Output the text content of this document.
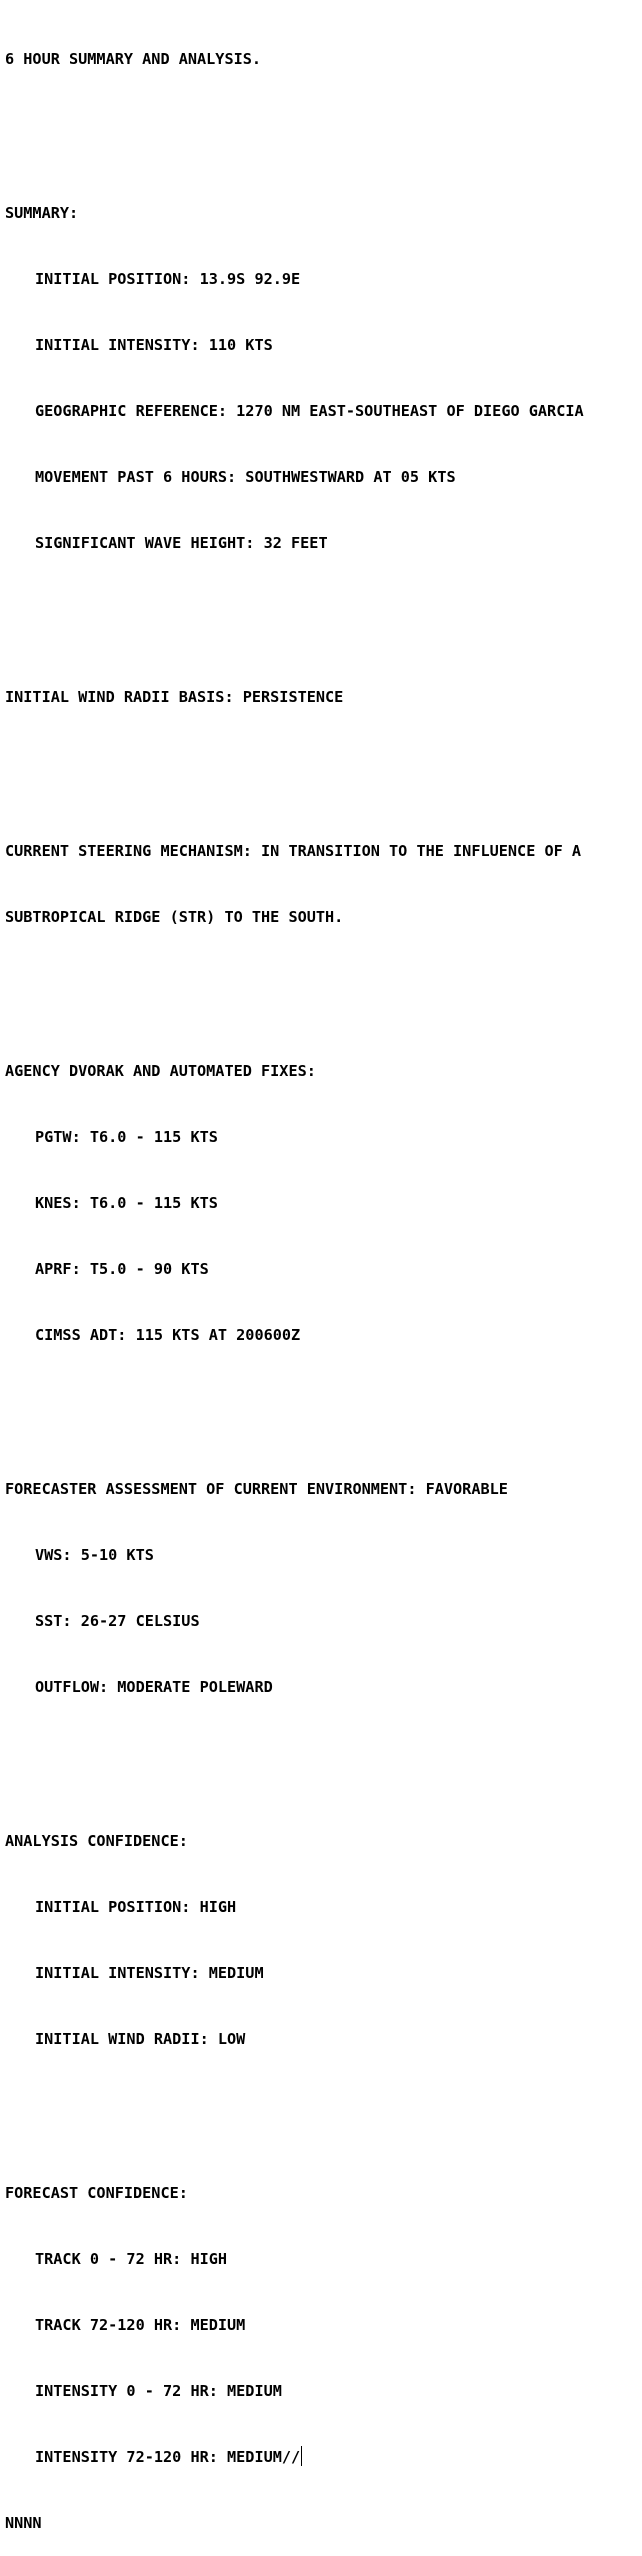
6 HOUR SUMMARY AND ANALYSIS.

SUMMARY:

INITIAL POSITION: 13.9S 92.9E

INITIAL INTENSITY: 110 KTS

GEOGRAPHIC REFERENCE: 1270 NM EAST-SOUTHEAST OF DIEGO GARCIA

MOVEMENT PAST 6 HOURS: SOUTHWESTWARD AT 05 KTS

SIGNIFICANT WAVE HEIGHT: 32 FEET

INITIAL WIND RADII BASIS: PERSISTENCE

CURRENT STEERING MECHANISM: IN TRANSITION TO THE INFLUENCE OF A

SUBTROPICAL RIDGE (STR) TO THE SOUTH.

AGENCY DVORAK AND AUTOMATED FIXES:

PGTW: T6.0 - 115 KTS

KNES: T6.0 - 115 KTS

APRF: T5.0 - 90 KTS

CIMSS ADT: 115 KTS AT 200600Z

FORECASTER ASSESSMENT OF CURRENT ENVIRONMENT: FAVORABLE

VWS: 5-10 KTS

SST: 26-27 CELSIUS

OUTFLOW: MODERATE POLEWARD

ANALYSIS CONFIDENCE:

INITIAL POSITION: HIGH

INITIAL INTENSITY: MEDIUM

INITIAL WIND RADII: LOW

FORECAST CONFIDENCE:

TRACK 0 - 72 HR: HIGH

TRACK 72-120 HR: MEDIUM

INTENSITY 0 - 72 HR: MEDIUM

INTENSITY 72-120 HR: MEDIUM//

NNNN
